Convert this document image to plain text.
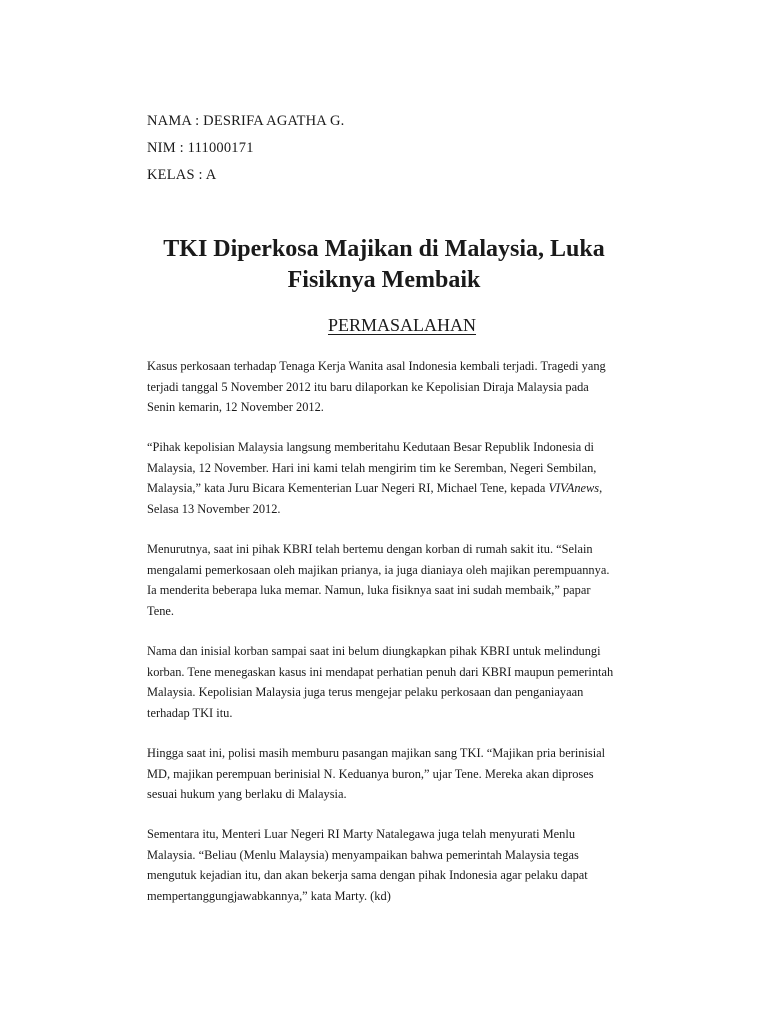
NAMA : DESRIFA AGATHA G.
NIM : 111000171
KELAS : A
TKI Diperkosa Majikan di Malaysia, Luka
Fisiknya Membaik
PERMASALAHAN

Kasus perkosaan terhadap Tenaga Kerja Wanita asal Indonesia kembali terjadi. Tragedi yang
terjadi tanggal 5 November 2012 itu baru dilaporkan ke Kepolisian Diraja Malaysia pada
Senin kemarin, 12 November 2012.

“Pihak kepolisian Malaysia langsung memberitahu Kedutaan Besar Republik Indonesia di
Malaysia, 12 November. Hari ini kami telah mengirim tim ke Seremban, Negeri Sembilan,
Malaysia,” kata Juru Bicara Kementerian Luar Negeri RI, Michael Tene, kepada VIVAnews,
Selasa 13 November 2012.

Menurutnya, saat ini pihak KBRI telah bertemu dengan korban di rumah sakit itu. “Selain
mengalami pemerkosaan oleh majikan prianya, ia juga dianiaya oleh majikan perempuannya.
Ia menderita beberapa luka memar. Namun, luka fisiknya saat ini sudah membaik,” papar
Tene.

Nama dan inisial korban sampai saat ini belum diungkapkan pihak KBRI untuk melindungi
korban. Tene menegaskan kasus ini mendapat perhatian penuh dari KBRI maupun pemerintah
Malaysia. Kepolisian Malaysia juga terus mengejar pelaku perkosaan dan penganiayaan
terhadap TKI itu.

Hingga saat ini, polisi masih memburu pasangan majikan sang TKI. “Majikan pria berinisial
MD, majikan perempuan berinisial N. Keduanya buron,” ujar Tene. Mereka akan diproses
sesuai hukum yang berlaku di Malaysia.

Sementara itu, Menteri Luar Negeri RI Marty Natalegawa juga telah menyurati Menlu
Malaysia. “Beliau (Menlu Malaysia) menyampaikan bahwa pemerintah Malaysia tegas
mengutuk kejadian itu, dan akan bekerja sama dengan pihak Indonesia agar pelaku dapat
mempertanggungjawabkannya,” kata Marty. (kd)
